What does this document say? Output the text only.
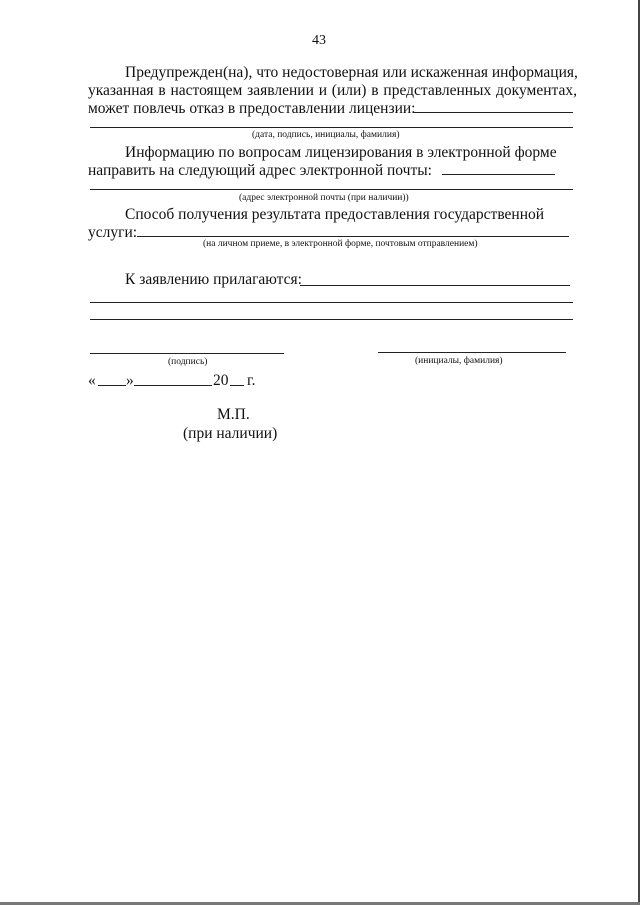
43
Предупрежден(на), что недостоверная или искаженная информация,
указанная в настоящем заявлении и (или) в представленных документах,
может повлечь отказ в предоставлении лицензии:
(дата, подпись, инициалы, фамилия)
Информацию по вопросам лицензирования в электронной форме
направить на следующий адрес электронной почты:
(адрес электронной почты (при наличии))
Способ получения результата предоставления государственной
услуги:
(на личном приеме, в электронной форме, почтовым отправлением)
К заявлению прилагаются:
(подпись)	(инициалы, фамилия)
« »	20 г.
М.П.
(при наличии)
